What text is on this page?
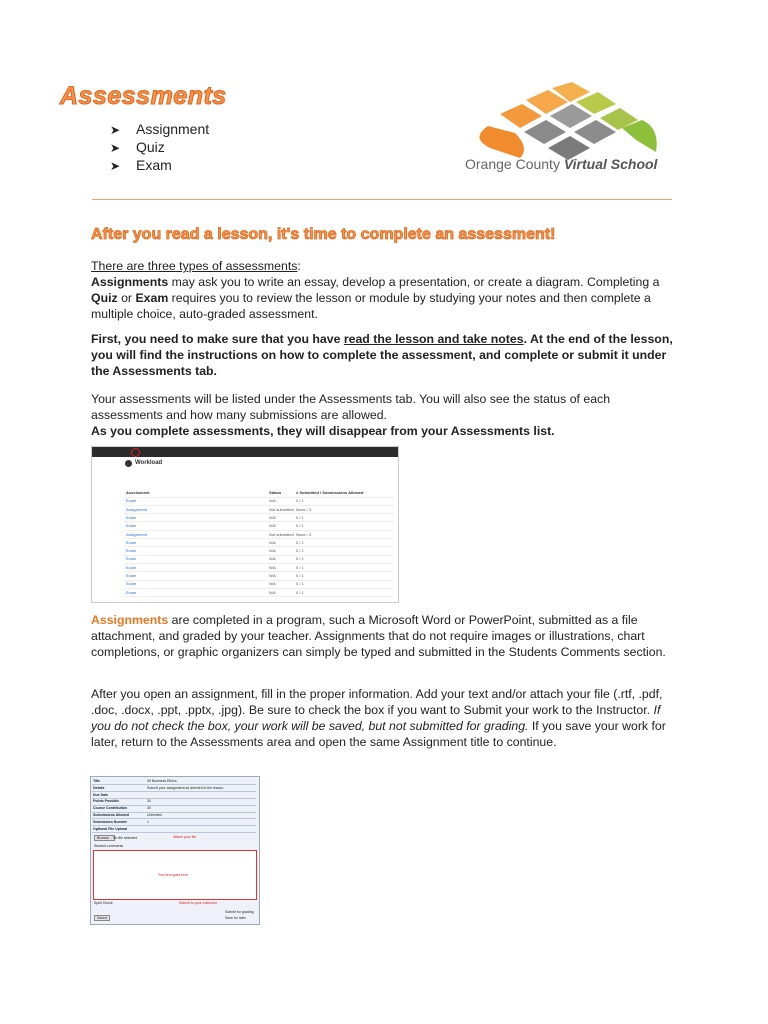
Assessments
➤ Assignment
➤ Quiz
➤ Exam	Orange County Virtual School
After you read a lesson, it's time to complete an assessment!

There are three types of assessments:
Assignments may ask you to write an essay, develop a presentation, or create a diagram. Completing a Quiz or Exam requires you to review the lesson or module by studying your notes and then complete a multiple choice, auto-graded assessment.

First, you need to make sure that you have read the lesson and take notes. At the end of the lesson, you will find the instructions on how to complete the assessment, and complete or submit it under the Assessments tab.

Your assessments will be listed under the Assessments tab. You will also see the status of each assessments and how many submissions are allowed.
As you complete assessments, they will disappear from your Assessments list.

Workload
Assessment	Status	# Submitted / Submissions Allowed
Exam	N/A	0 / 1
Assignment	Not submitted None / 3
Exam	N/A	0 / 1
Exam	N/A	0 / 1
Assignment	Not submitted None / 3
Exam	N/A	0 / 1
Exam	N/A	0 / 1
Exam	N/A	0 / 1
Exam	N/A	0 / 1
Exam	N/A	0 / 1
Exam	N/A	0 / 1
Exam	N/A	0 / 1

Assignments are completed in a program, such a Microsoft Word or PowerPoint, submitted as a file attachment, and graded by your teacher. Assignments that do not require images or illustrations, chart completions, or graphic organizers can simply be typed and submitted in the Students Comments section.

After you open an assignment, fill in the proper information. Add your text and/or attach your file (.rtf, .pdf, .doc, .docx, .ppt, .pptx, .jpg). Be sure to check the box if you want to Submit your work to the Instructor. If you do not check the box, your work will be saved, but not submitted for grading. If you save your work for later, return to the Assessments area and open the same Assignment title to continue.

Title	09 Business Ethics
Details	Submit your assignment as directed in the lesson.
Due Date
Points Possible	30
Course Contribution	30
Submissions Allowed	Unlimited
Submission Number	1
Optional File Upload
Browse... No file selected.	Attach your file
Student comments
Your text goes here
Spell Check	Submit to your Instructor
Submit for grading
Save for later
Saved
